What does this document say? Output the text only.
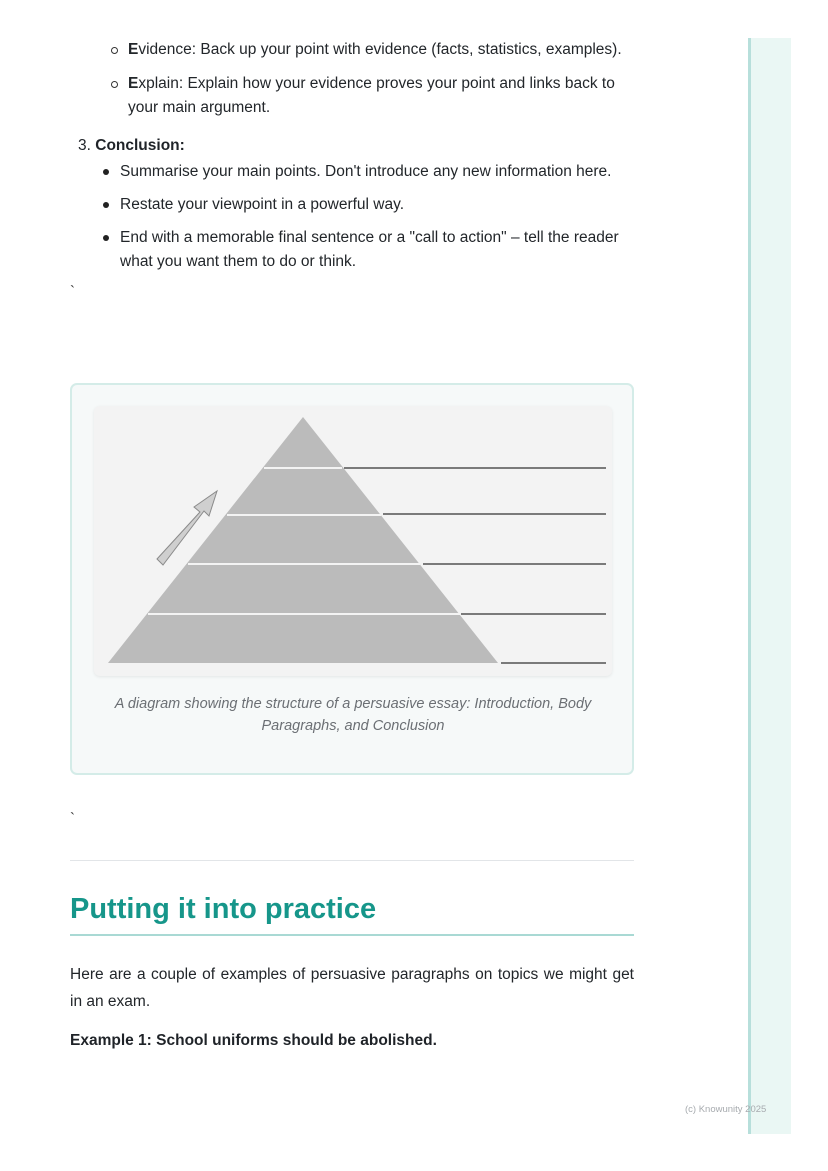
Evidence: Back up your point with evidence (facts, statistics, examples).
Explain: Explain how your evidence proves your point and links back to your main argument.
3. Conclusion:
Summarise your main points. Don't introduce any new information here.
Restate your viewpoint in a powerful way.
End with a memorable final sentence or a "call to action" – tell the reader what you want them to do or think.
`
A diagram showing the structure of a persuasive essay: Introduction, Body Paragraphs, and Conclusion
`
Putting it into practice

Here are a couple of examples of persuasive paragraphs on topics we might get in an exam.

Example 1: School uniforms should be abolished.

(c) Knowunity 2025
